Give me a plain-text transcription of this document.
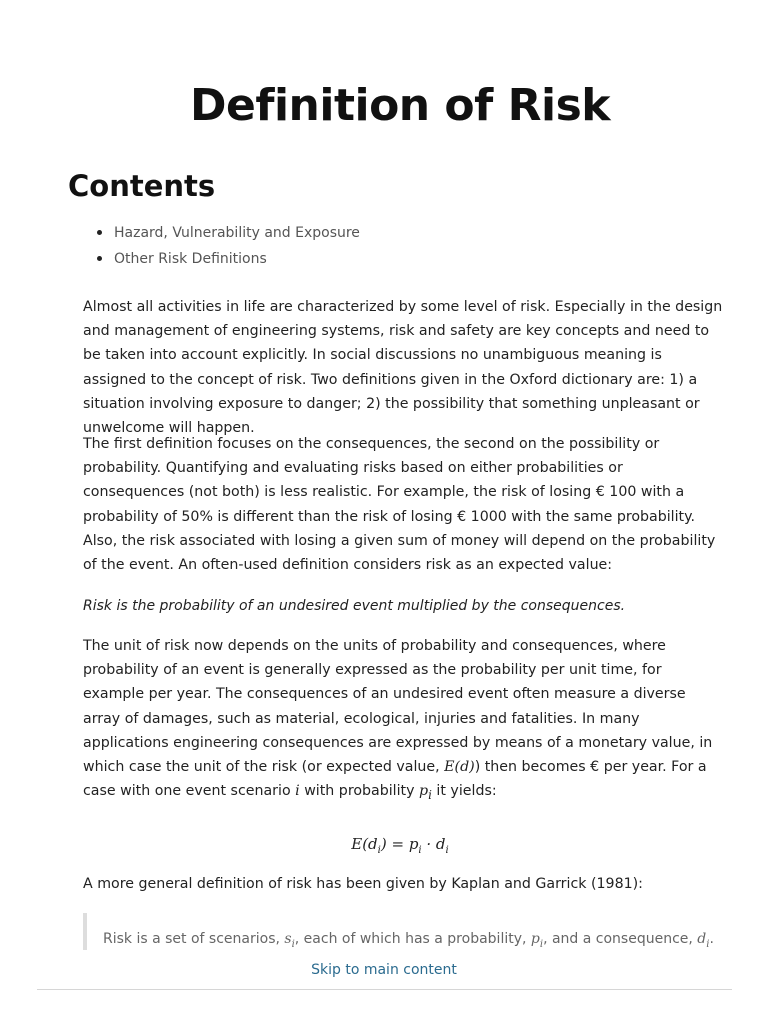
Definition of Risk
Contents
Hazard, Vulnerability and Exposure
Other Risk Definitions

Almost all activities in life are characterized by some level of risk. Especially in the design and management of engineering systems, risk and safety are key concepts and need to be taken into account explicitly. In social discussions no unambiguous meaning is assigned to the concept of risk. Two definitions given in the Oxford dictionary are: 1) a situation involving exposure to danger; 2) the possibility that something unpleasant or unwelcome will happen.

The first definition focuses on the consequences, the second on the possibility or probability. Quantifying and evaluating risks based on either probabilities or consequences (not both) is less realistic. For example, the risk of losing € 100 with a probability of 50% is different than the risk of losing € 1000 with the same probability. Also, the risk associated with losing a given sum of money will depend on the probability of the event. An often-used definition considers risk as an expected value:

Risk is the probability of an undesired event multiplied by the consequences.

The unit of risk now depends on the units of probability and consequences, where probability of an event is generally expressed as the probability per unit time, for example per year. The consequences of an undesired event often measure a diverse array of damages, such as material, ecological, injuries and fatalities. In many applications engineering consequences are expressed by means of a monetary value, in which case the unit of the risk (or expected value, E(d)) then becomes € per year. For a case with one event scenario i with probability $p_i$ it yields:

$E(d_i) = p_i \cdot d_i$

A more general definition of risk has been given by Kaplan and Garrick (1981):

Risk is a set of scenarios, $s_i$, each of which has a probability, $p_i$, and a consequence, $d_i$.

Skip to main content
